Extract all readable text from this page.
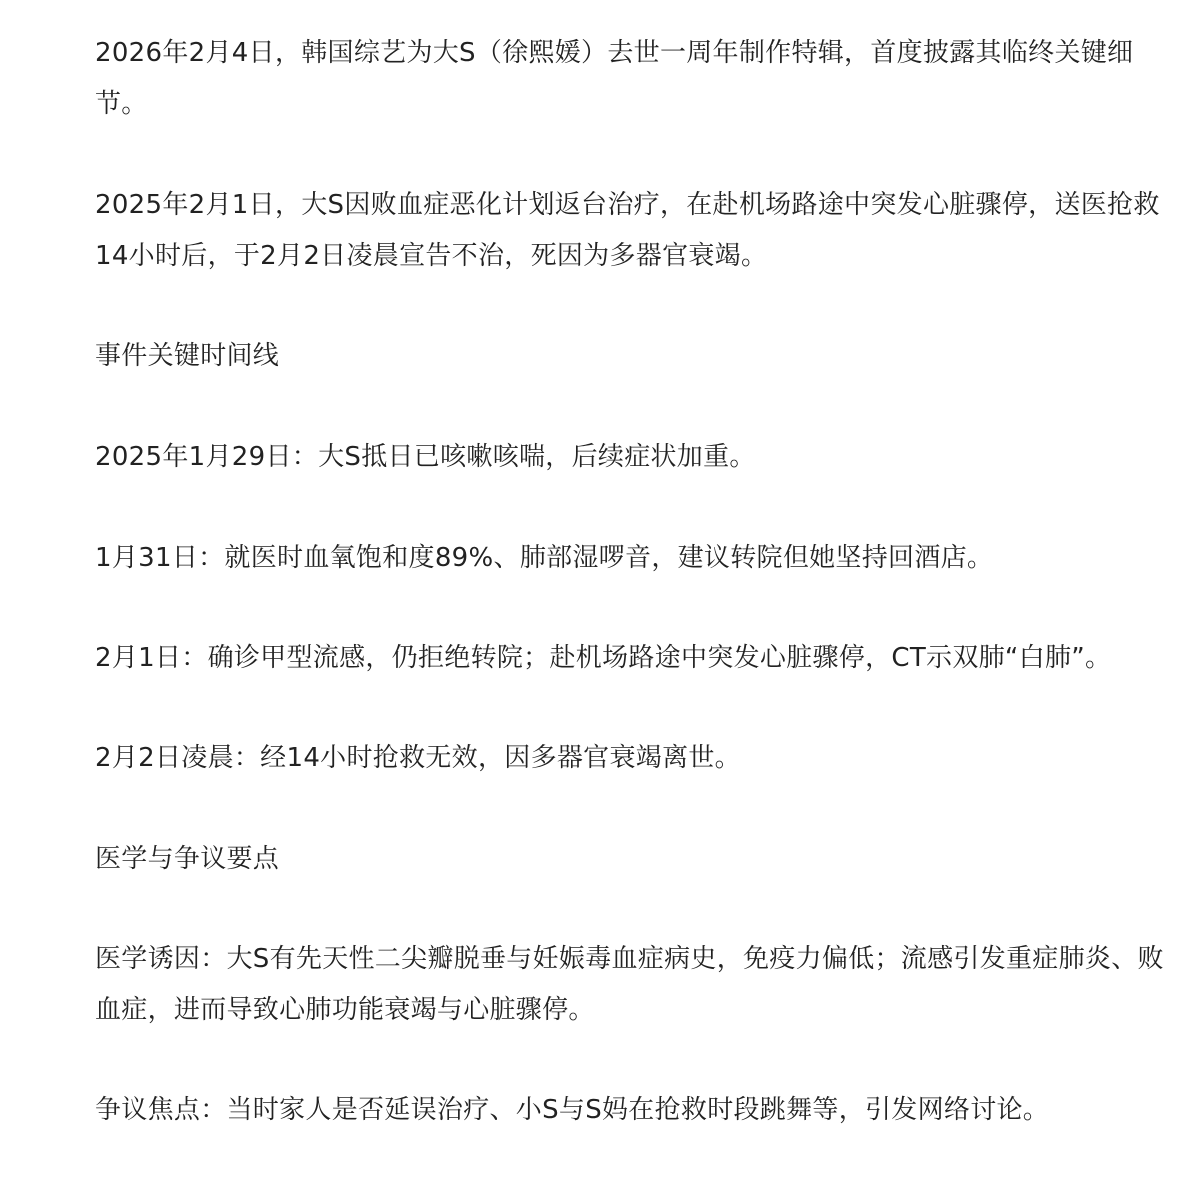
2026年2月4日，韩国综艺为大S（徐熙媛）去世一周年制作特辑，首度披露其临终关键细节。

2025年2月1日，大S因败血症恶化计划返台治疗，在赴机场路途中突发心脏骤停，送医抢救14小时后，于2月2日凌晨宣告不治，死因为多器官衰竭。

事件关键时间线

2025年1月29日：大S抵日已咳嗽咳喘，后续症状加重。

1月31日：就医时血氧饱和度89%、肺部湿啰音，建议转院但她坚持回酒店。

2月1日：确诊甲型流感，仍拒绝转院；赴机场路途中突发心脏骤停，CT示双肺“白肺”。

2月2日凌晨：经14小时抢救无效，因多器官衰竭离世。

医学与争议要点

医学诱因：大S有先天性二尖瓣脱垂与妊娠毒血症病史，免疫力偏低；流感引发重症肺炎、败血症，进而导致心肺功能衰竭与心脏骤停。

争议焦点：当时家人是否延误治疗、小S与S妈在抢救时段跳舞等，引发网络讨论。
